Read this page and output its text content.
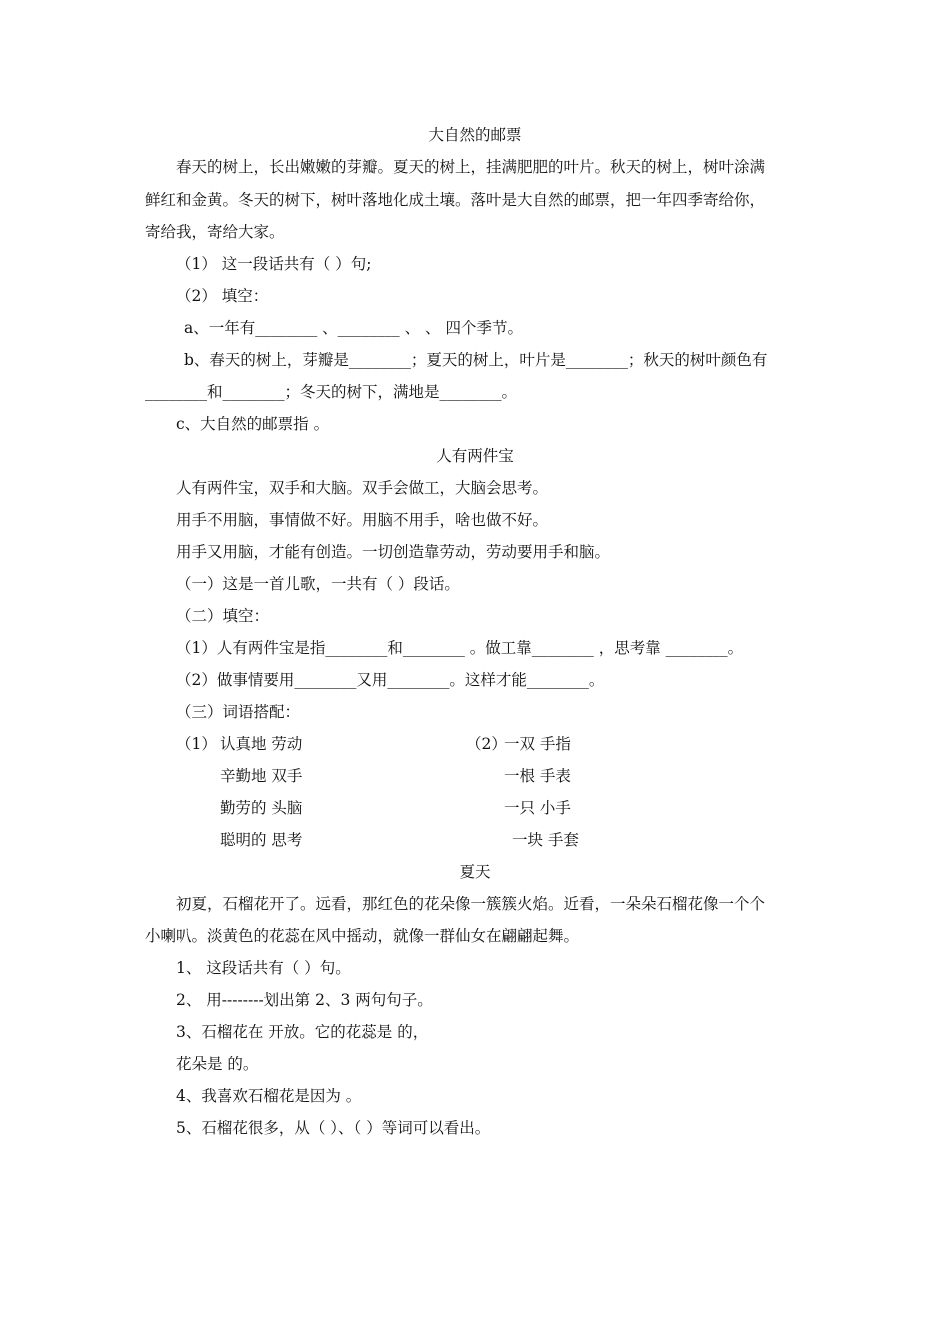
大自然的邮票
春天的树上，长出嫩嫩的芽瓣。夏天的树上，挂满肥肥的叶片。秋天的树上，树叶涂满
鲜红和金黄。冬天的树下，树叶落地化成土壤。落叶是大自然的邮票，把一年四季寄给你，
寄给我，寄给大家。
（1） 这一段话共有（ ）句;
（2） 填空：
a、一年有________ 、________ 、 、 四个季节。
b、春天的树上，芽瓣是________；夏天的树上，叶片是________；秋天的树叶颜色有
________和________；冬天的树下，满地是________。
c、大自然的邮票指 。
人有两件宝
人有两件宝，双手和大脑。双手会做工，大脑会思考。
用手不用脑，事情做不好。用脑不用手，啥也做不好。
用手又用脑，才能有创造。一切创造靠劳动，劳动要用手和脑。
（一）这是一首儿歌，一共有（ ）段话。
（二）填空：
（1）人有两件宝是指________和________ 。做工靠________ ，思考靠 ________。
（2）做事情要用________又用________。这样才能________。
（三）词语搭配：
（1） 认真地 劳动
辛勤地 双手
勤劳的 头脑
聪明的 思考
（2）
一双 手指
一根 手表
一只 小手
一块 手套
夏天
初夏，石榴花开了。远看，那红色的花朵像一簇簇火焰。近看，一朵朵石榴花像一个个
小喇叭。淡黄色的花蕊在风中摇动，就像一群仙女在翩翩起舞。
1、 这段话共有（ ）句。
2、 用--------划出第 2、3 两句句子。
3、石榴花在 开放。它的花蕊是 的，
花朵是 的。
4、我喜欢石榴花是因为 。
5、石榴花很多，从（ ）、（ ）等词可以看出。
